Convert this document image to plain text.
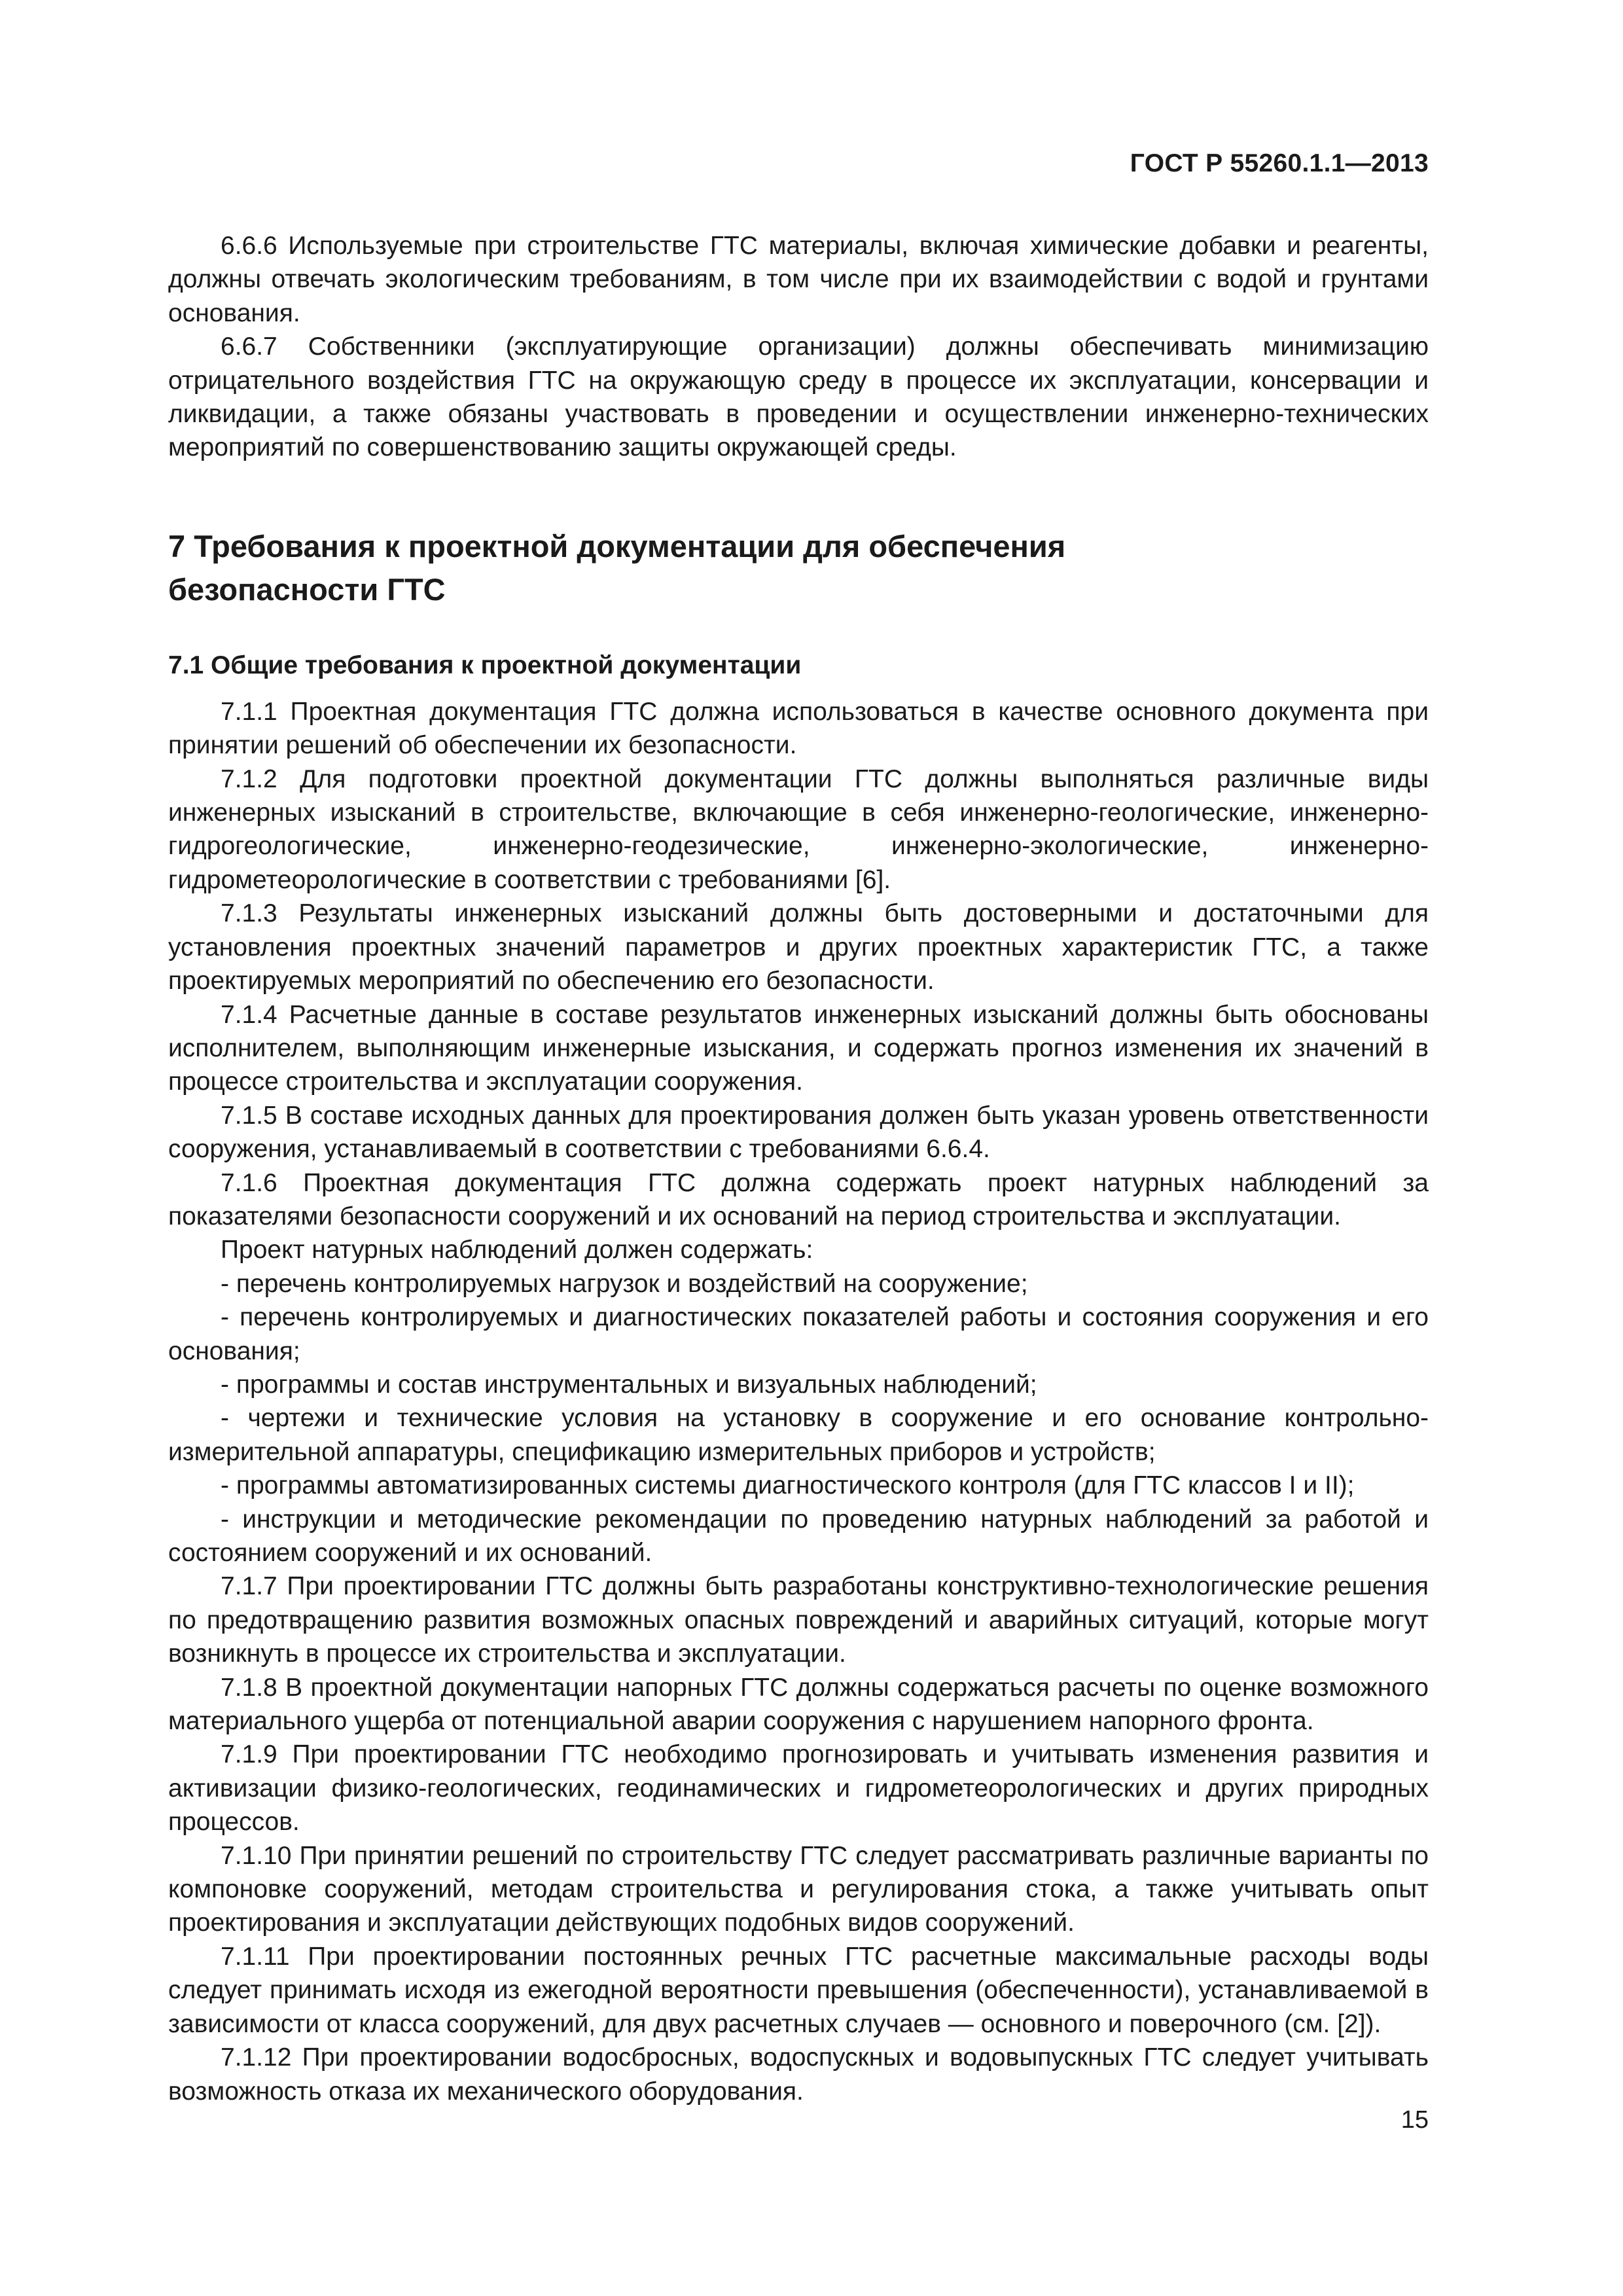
ГОСТ Р 55260.1.1—2013

6.6.6 Используемые при строительстве ГТС материалы, включая химические добавки и реагенты, должны отвечать экологическим требованиям, в том числе при их взаимодействии с водой и грунтами основания.

6.6.7 Собственники (эксплуатирующие организации) должны обеспечивать минимизацию отрицательного воздействия ГТС на окружающую среду в процессе их эксплуатации, консервации и ликвидации, а также обязаны участвовать в проведении и осуществлении инженерно-технических мероприятий по совершенствованию защиты окружающей среды.

7 Требования к проектной документации для обеспечения
безопасности ГТС
7.1 Общие требования к проектной документации

7.1.1 Проектная документация ГТС должна использоваться в качестве основного документа при принятии решений об обеспечении их безопасности.

7.1.2 Для подготовки проектной документации ГТС должны выполняться различные виды инженерных изысканий в строительстве, включающие в себя инженерно-геологические, инженерно-гидрогеологические, инженерно-геодезические, инженерно-экологические, инженерно-гидрометеорологические в соответствии с требованиями [6].

7.1.3 Результаты инженерных изысканий должны быть достоверными и достаточными для установления проектных значений параметров и других проектных характеристик ГТС, а также проектируемых мероприятий по обеспечению его безопасности.

7.1.4 Расчетные данные в составе результатов инженерных изысканий должны быть обоснованы исполнителем, выполняющим инженерные изыскания, и содержать прогноз изменения их значений в процессе строительства и эксплуатации сооружения.

7.1.5 В составе исходных данных для проектирования должен быть указан уровень ответственности сооружения, устанавливаемый в соответствии с требованиями 6.6.4.

7.1.6 Проектная документация ГТС должна содержать проект натурных наблюдений за показателями безопасности сооружений и их оснований на период строительства и эксплуатации.

Проект натурных наблюдений должен содержать:

- перечень контролируемых нагрузок и воздействий на сооружение;

- перечень контролируемых и диагностических показателей работы и состояния сооружения и его основания;

- программы и состав инструментальных и визуальных наблюдений;

- чертежи и технические условия на установку в сооружение и его основание контрольно-измерительной аппаратуры, спецификацию измерительных приборов и устройств;

- программы автоматизированных системы диагностического контроля (для ГТС классов I и II);

- инструкции и методические рекомендации по проведению натурных наблюдений за работой и состоянием сооружений и их оснований.

7.1.7 При проектировании ГТС должны быть разработаны конструктивно-технологические решения по предотвращению развития возможных опасных повреждений и аварийных ситуаций, которые могут возникнуть в процессе их строительства и эксплуатации.

7.1.8 В проектной документации напорных ГТС должны содержаться расчеты по оценке возможного материального ущерба от потенциальной аварии сооружения с нарушением напорного фронта.

7.1.9 При проектировании ГТС необходимо прогнозировать и учитывать изменения развития и активизации физико-геологических, геодинамических и гидрометеорологических и других природных процессов.

7.1.10 При принятии решений по строительству ГТС следует рассматривать различные варианты по компоновке сооружений, методам строительства и регулирования стока, а также учитывать опыт проектирования и эксплуатации действующих подобных видов сооружений.

7.1.11 При проектировании постоянных речных ГТС расчетные максимальные расходы воды следует принимать исходя из ежегодной вероятности превышения (обеспеченности), устанавливаемой в зависимости от класса сооружений, для двух расчетных случаев — основного и поверочного (см. [2]).

7.1.12 При проектировании водосбросных, водоспускных и водовыпускных ГТС следует учитывать возможность отказа их механического оборудования.

15
